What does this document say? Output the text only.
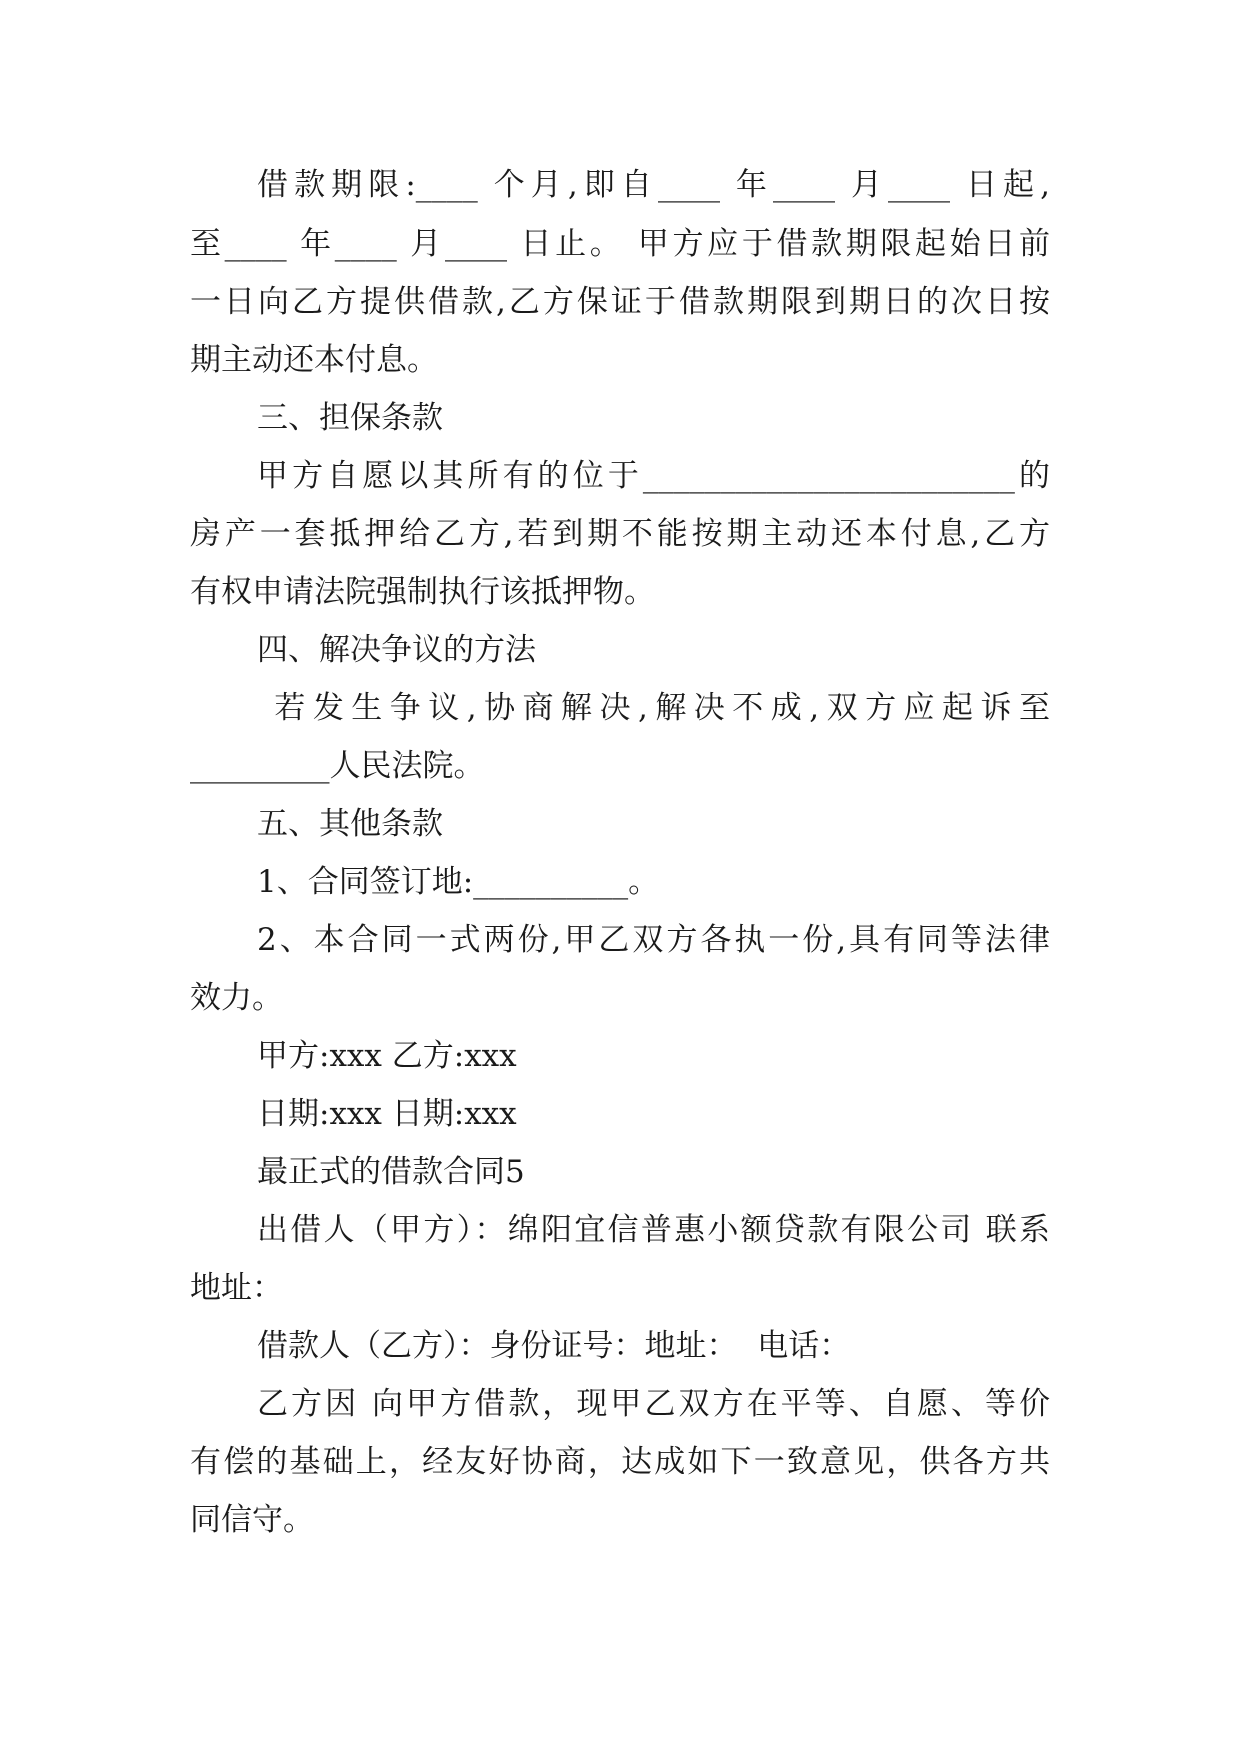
借款期限:____ 个月,即自____ 年____ 月____ 日起,
至____ 年____ 月____ 日止。 甲方应于借款期限起始日前
一日向乙方提供借款,乙方保证于借款期限到期日的次日按
期主动还本付息。
三、担保条款
甲方自愿以其所有的位于________________________的
房产一套抵押给乙方,若到期不能按期主动还本付息,乙方
有权申请法院强制执行该抵押物。
四、解决争议的方法
若发生争议,协商解决,解决不成,双方应起诉至
_________人民法院。
五、其他条款
1、合同签订地:__________。
2、本合同一式两份,甲乙双方各执一份,具有同等法律
效力。
甲方:xxx 乙方:xxx
日期:xxx 日期:xxx
最正式的借款合同5
出借人（甲方）：绵阳宜信普惠小额贷款有限公司 联系
地址：
借款人（乙方）：身份证号：地址：  电话：
乙方因 向甲方借款，现甲乙双方在平等、自愿、等价
有偿的基础上，经友好协商，达成如下一致意见，供各方共
同信守。
